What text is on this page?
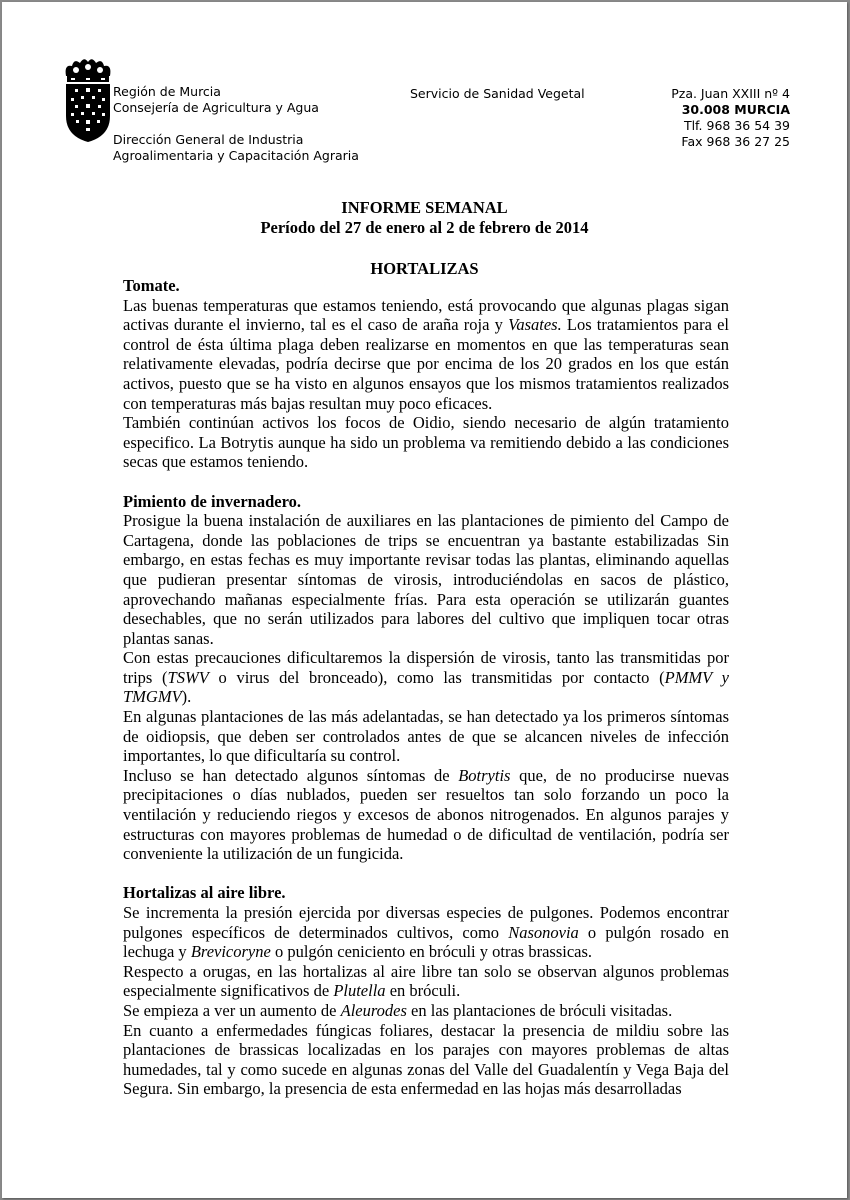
Región de Murcia
Consejería de Agricultura y Agua
Dirección General de Industria
Agroalimentaria y Capacitación Agraria
Servicio de Sanidad Vegetal	Pza. Juan XXIII nº 4
30.008 MURCIA
Tlf. 968 36 54 39
Fax 968 36 27 25
INFORME SEMANAL
Período del 27 de enero al 2 de febrero de 2014
HORTALIZAS
Tomate.

Las buenas temperaturas que estamos teniendo, está provocando que algunas plagas sigan activas durante el invierno, tal es el caso de araña roja y Vasates. Los tratamientos para el control de ésta última plaga deben realizarse en momentos en que las temperaturas sean relativamente elevadas, podría decirse que por encima de los 20 grados en los que están activos, puesto que se ha visto en algunos ensayos que los mismos tratamientos realizados con temperaturas más bajas resultan muy poco eficaces.

También continúan activos los focos de Oidio, siendo necesario de algún tratamiento especifico. La Botrytis aunque ha sido un problema va remitiendo debido a las condiciones secas que estamos teniendo.

Pimiento de invernadero.

Prosigue la buena instalación de auxiliares en las plantaciones de pimiento del Campo de Cartagena, donde las poblaciones de trips se encuentran ya bastante estabilizadas Sin embargo, en estas fechas es muy importante revisar todas las plantas, eliminando aquellas que pudieran presentar síntomas de virosis, introduciéndolas en sacos de plástico, aprovechando mañanas especialmente frías. Para esta operación se utilizarán guantes desechables, que no serán utilizados para labores del cultivo que impliquen tocar otras plantas sanas.

Con estas precauciones dificultaremos la dispersión de virosis, tanto las transmitidas por trips (TSWV o virus del bronceado), como las transmitidas por contacto (PMMV y TMGMV).

En algunas plantaciones de las más adelantadas, se han detectado ya los primeros síntomas de oidiopsis, que deben ser controlados antes de que se alcancen niveles de infección importantes, lo que dificultaría su control.

Incluso se han detectado algunos síntomas de Botrytis que, de no producirse nuevas precipitaciones o días nublados, pueden ser resueltos tan solo forzando un poco la ventilación y reduciendo riegos y excesos de abonos nitrogenados. En algunos parajes y estructuras con mayores problemas de humedad o de dificultad de ventilación, podría ser conveniente la utilización de un fungicida.

Hortalizas al aire libre.

Se incrementa la presión ejercida por diversas especies de pulgones. Podemos encontrar pulgones específicos de determinados cultivos, como Nasonovia o pulgón rosado en lechuga y Brevicoryne o pulgón ceniciento en bróculi y otras brassicas.

Respecto a orugas, en las hortalizas al aire libre tan solo se observan algunos problemas especialmente significativos de Plutella en bróculi.

Se empieza a ver un aumento de Aleurodes en las plantaciones de bróculi visitadas.

En cuanto a enfermedades fúngicas foliares, destacar la presencia de mildiu sobre las plantaciones de brassicas localizadas en los parajes con mayores problemas de altas humedades, tal y como sucede en algunas zonas del Valle del Guadalentín y Vega Baja del Segura. Sin embargo, la presencia de esta enfermedad en las hojas más desarrolladas
